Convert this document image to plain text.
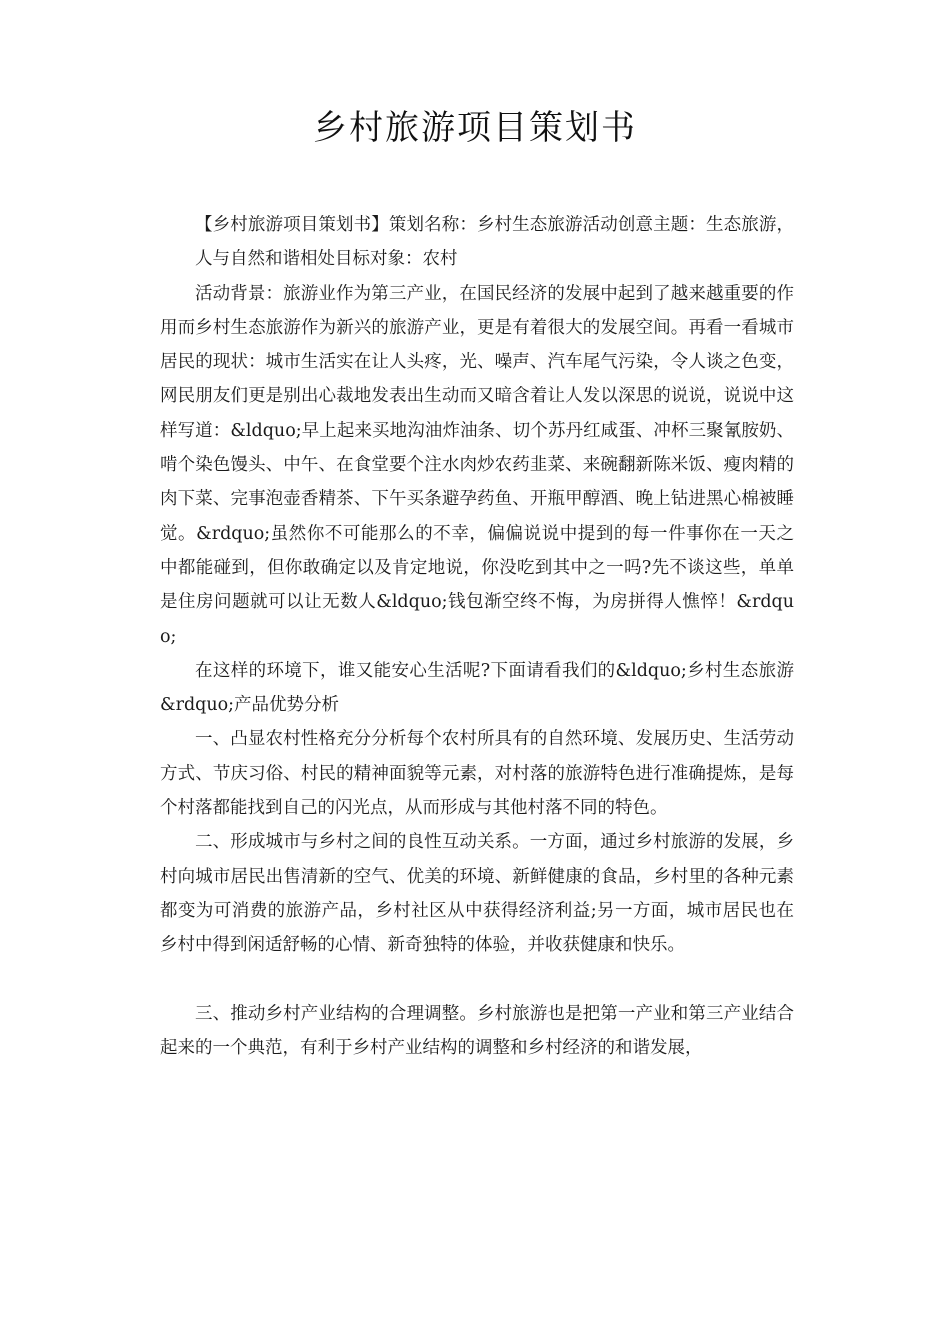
乡村旅游项目策划书

【乡村旅游项目策划书】策划名称：乡村生态旅游活动创意主题：生态旅游，人与自然和谐相处目标对象：农村

活动背景：旅游业作为第三产业，在国民经济的发展中起到了越来越重要的作用而乡村生态旅游作为新兴的旅游产业，更是有着很大的发展空间。再看一看城市居民的现状：城市生活实在让人头疼，光、噪声、汽车尾气污染，令人谈之色变，网民朋友们更是别出心裁地发表出生动而又暗含着让人发以深思的说说，说说中这样写道：&ldquo;早上起来买地沟油炸油条、切个苏丹红咸蛋、冲杯三聚氰胺奶、啃个染色馒头、中午、在食堂要个注水肉炒农药韭菜、来碗翻新陈米饭、瘦肉精的肉下菜、完事泡壶香精茶、下午买条避孕药鱼、开瓶甲醇酒、晚上钻进黑心棉被睡觉。&rdquo;虽然你不可能那么的不幸，偏偏说说中提到的每一件事你在一天之中都能碰到，但你敢确定以及肯定地说，你没吃到其中之一吗?先不谈这些，单单是住房问题就可以让无数人&ldquo;钱包渐空终不悔，为房拼得人憔悴！&rdquo;

在这样的环境下，谁又能安心生活呢?下面请看我们的&ldquo;乡村生态旅游&rdquo;产品优势分析

一、凸显农村性格充分分析每个农村所具有的自然环境、发展历史、生活劳动方式、节庆习俗、村民的精神面貌等元素，对村落的旅游特色进行准确提炼，是每个村落都能找到自己的闪光点，从而形成与其他村落不同的特色。

二、形成城市与乡村之间的良性互动关系。一方面，通过乡村旅游的发展，乡村向城市居民出售清新的空气、优美的环境、新鲜健康的食品，乡村里的各种元素都变为可消费的旅游产品，乡村社区从中获得经济利益;另一方面，城市居民也在乡村中得到闲适舒畅的心情、新奇独特的体验，并收获健康和快乐。

三、推动乡村产业结构的合理调整。乡村旅游也是把第一产业和第三产业结合起来的一个典范，有利于乡村产业结构的调整和乡村经济的和谐发展，
